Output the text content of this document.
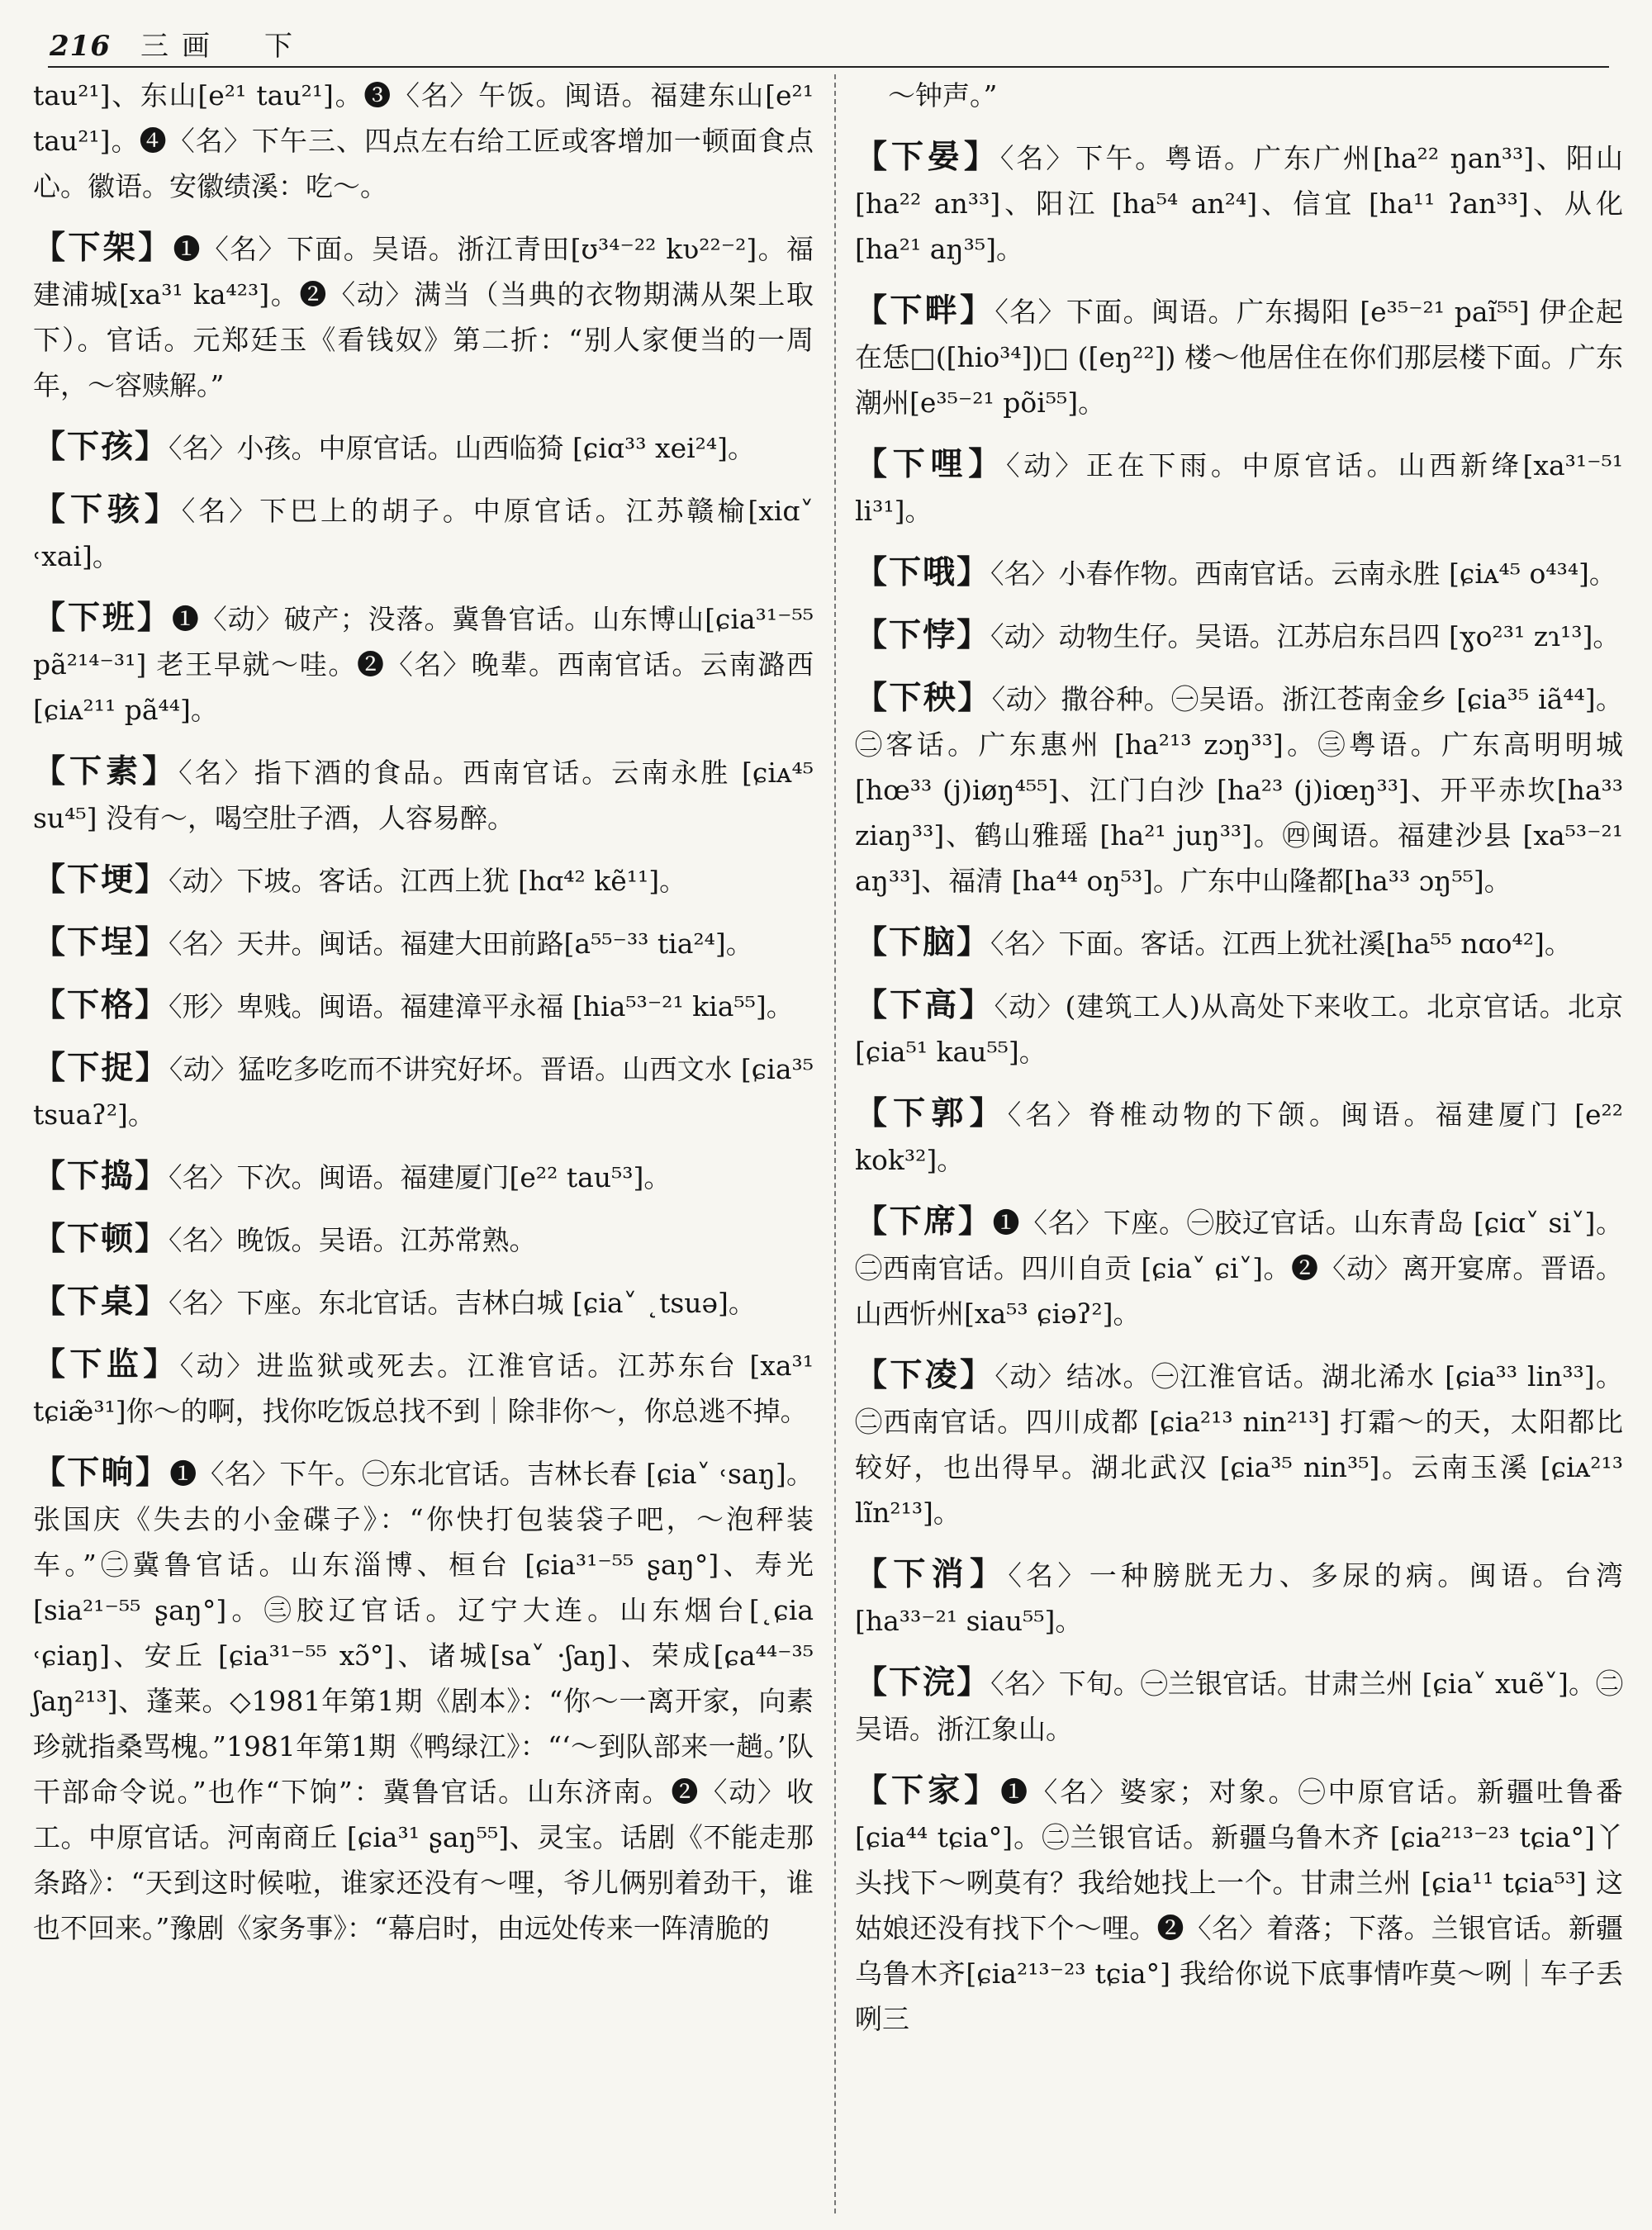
216 三画　下

tau²¹]、东山[e²¹ tau²¹]。❸〈名〉午饭。闽语。福建东山[e²¹ tau²¹]。❹〈名〉下午三、四点左右给工匠或客增加一顿面食点心。徽语。安徽绩溪：吃～。

【下架】❶〈名〉下面。吴语。浙江青田[ʊ³⁴⁻²² kʋ²²⁻²]。福建浦城[xa³¹ ka⁴²³]。❷〈动〉满当（当典的衣物期满从架上取下）。官话。元郑廷玉《看钱奴》第二折：“别人家便当的一周年，～容赎解。”

【下孩】〈名〉小孩。中原官话。山西临猗 [ɕiɑ³³ xei²⁴]。

【下骇】〈名〉下巴上的胡子。中原官话。江苏赣榆[xiɑ˅ ˓xai]。

【下班】❶〈动〉破产；没落。冀鲁官话。山东博山[ɕia³¹⁻⁵⁵ pã²¹⁴⁻³¹] 老王早就～哇。❷〈名〉晚辈。西南官话。云南潞西 [ɕiᴀ²¹¹ pã⁴⁴]。

【下素】〈名〉指下酒的食品。西南官话。云南永胜 [ɕiᴀ⁴⁵ su⁴⁵] 没有～，喝空肚子酒，人容易醉。

【下埂】〈动〉下坡。客话。江西上犹 [hɑ⁴² kẽ¹¹]。

【下埕】〈名〉天井。闽话。福建大田前路[a⁵⁵⁻³³ tia²⁴]。

【下格】〈形〉卑贱。闽语。福建漳平永福 [hia⁵³⁻²¹ kia⁵⁵]。

【下捉】〈动〉猛吃多吃而不讲究好坏。晋语。山西文水 [ɕia³⁵ tsuaʔ²]。

【下捣】〈名〉下次。闽语。福建厦门[e²² tau⁵³]。

【下顿】〈名〉晚饭。吴语。江苏常熟。

【下桌】〈名〉下座。东北官话。吉林白城 [ɕia˅ ˛tsuə]。

【下监】〈动〉进监狱或死去。江淮官话。江苏东台 [xa³¹ tɕiæ̃³¹]你～的啊，找你吃饭总找不到｜除非你～，你总逃不掉。

【下晌】❶〈名〉下午。㊀东北官话。吉林长春 [ɕia˅ ˓saŋ]。张国庆《失去的小金碟子》：“你快打包装袋子吧，～泡秤装车。”㊁冀鲁官话。山东淄博、桓台 [ɕia³¹⁻⁵⁵ ʂaŋ°]、寿光 [sia²¹⁻⁵⁵ ʂaŋ°]。㊂胶辽官话。辽宁大连。山东烟台[˛ɕia ˓ɕiaŋ]、安丘 [ɕia³¹⁻⁵⁵ xɔ̃°]、诸城[sa˅ ·ʃaŋ]、荣成[ɕa⁴⁴⁻³⁵ ʃaŋ²¹³]、蓬莱。◇1981年第1期《剧本》：“你～一离开家，向素珍就指桑骂槐。”1981年第1期《鸭绿江》：“‘～到队部来一趟。’队干部命令说。”也作“下饷”：冀鲁官话。山东济南。❷〈动〉收工。中原官话。河南商丘 [ɕia³¹ ʂaŋ⁵⁵]、灵宝。话剧《不能走那条路》：“天到这时候啦，谁家还没有～哩，爷儿俩别着劲干，谁也不回来。”豫剧《家务事》：“幕启时，由远处传来一阵清脆的

～钟声。”

【下晏】〈名〉下午。粤语。广东广州[ha²² ŋan³³]、阳山 [ha²² an³³]、阳江 [ha⁵⁴ an²⁴]、信宜 [ha¹¹ ʔan³³]、从化 [ha²¹ aŋ³⁵]。

【下畔】〈名〉下面。闽语。广东揭阳 [e³⁵⁻²¹ paĩ⁵⁵] 伊企起在恁□([hio³⁴])□ ([eŋ²²]) 楼～他居住在你们那层楼下面。广东潮州[e³⁵⁻²¹ põi⁵⁵]。

【下哩】〈动〉正在下雨。中原官话。山西新绛[xa³¹⁻⁵¹ li³¹]。

【下哦】〈名〉小春作物。西南官话。云南永胜 [ɕiᴀ⁴⁵ o⁴³⁴]。

【下悖】〈动〉动物生仔。吴语。江苏启东吕四 [ɣo²³¹ zɿ¹³]。

【下秧】〈动〉撒谷种。㊀吴语。浙江苍南金乡 [ɕia³⁵ iã⁴⁴]。㊁客话。广东惠州 [ha²¹³ zɔŋ³³]。㊂粤语。广东高明明城 [hœ³³ (j)iøŋ⁴⁵⁵]、江门白沙 [ha²³ (j)iœŋ³³]、开平赤坎[ha³³ ziaŋ³³]、鹤山雅瑶 [ha²¹ juŋ³³]。㊃闽语。福建沙县 [xa⁵³⁻²¹ aŋ³³]、福清 [ha⁴⁴ oŋ⁵³]。广东中山隆都[ha³³ ɔŋ⁵⁵]。

【下脑】〈名〉下面。客话。江西上犹社溪[ha⁵⁵ nɑo⁴²]。

【下高】〈动〉(建筑工人)从高处下来收工。北京官话。北京[ɕia⁵¹ kau⁵⁵]。

【下郭】〈名〉脊椎动物的下颌。闽语。福建厦门 [e²² kok³²]。

【下席】❶〈名〉下座。㊀胶辽官话。山东青岛 [ɕiɑ˅ si˅]。㊁西南官话。四川自贡 [ɕia˅ ɕi˅]。❷〈动〉离开宴席。晋语。山西忻州[xa⁵³ ɕiəʔ²]。

【下凌】〈动〉结冰。㊀江淮官话。湖北浠水 [ɕia³³ lin³³]。㊁西南官话。四川成都 [ɕia²¹³ nin²¹³] 打霜～的天，太阳都比较好，也出得早。湖北武汉 [ɕia³⁵ nin³⁵]。云南玉溪 [ɕiᴀ²¹³ lĩn²¹³]。

【下消】〈名〉一种膀胱无力、多尿的病。闽语。台湾 [ha³³⁻²¹ siau⁵⁵]。

【下浣】〈名〉下旬。㊀兰银官话。甘肃兰州 [ɕia˅ xuẽ˅]。㊁吴语。浙江象山。

【下家】❶〈名〉婆家；对象。㊀中原官话。新疆吐鲁番 [ɕia⁴⁴ tɕia°]。㊁兰银官话。新疆乌鲁木齐 [ɕia²¹³⁻²³ tɕia°]丫头找下～咧莫有？我给她找上一个。甘肃兰州 [ɕia¹¹ tɕia⁵³] 这姑娘还没有找下个～哩。❷〈名〉着落；下落。兰银官话。新疆乌鲁木齐[ɕia²¹³⁻²³ tɕia°] 我给你说下底事情咋莫～咧｜车子丢咧三
